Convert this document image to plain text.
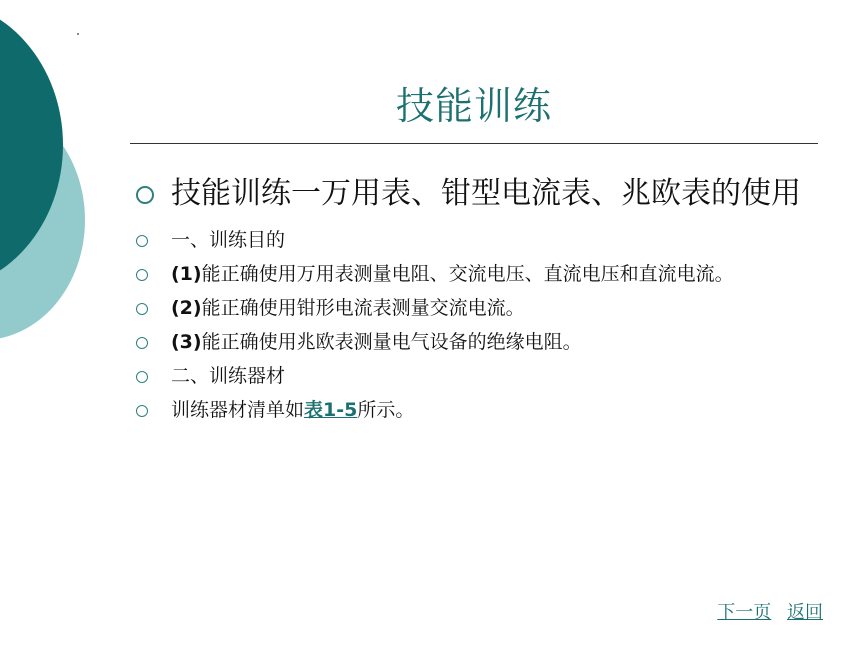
技能训练
技能训练一万用表、钳型电流表、兆欧表的使用
一、训练目的
(1)能正确使用万用表测量电阻、交流电压、直流电压和直流电流。
(2)能正确使用钳形电流表测量交流电流。
(3)能正确使用兆欧表测量电气设备的绝缘电阻。
二、训练器材
训练器材清单如表1-5所示。
下一页 返回
